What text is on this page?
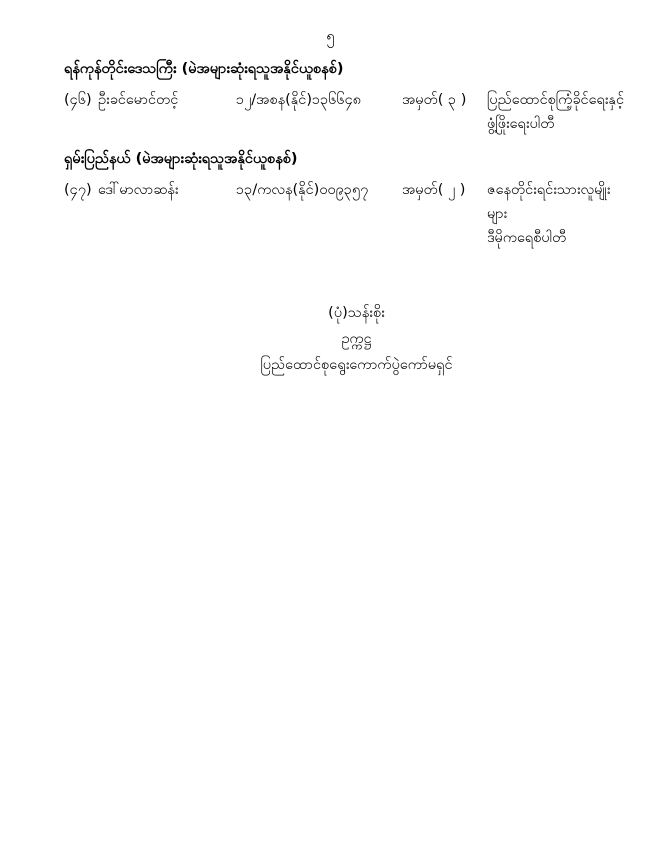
၅
ရန်ကုန်တိုင်းဒေသကြီး (မဲအများဆုံးရသူအနိုင်ယူစနစ်)
(၄၆) ဦးခင်မောင်တင့်	၁၂/အစန(နိုင်)၁၃၆၆၄၈	အမှတ်( ၃ )	ပြည်ထောင်စုကြံ့ခိုင်ရေးနှင့်
ဖွံ့ဖြိုးရေးပါတီ
ရှမ်းပြည်နယ် (မဲအများဆုံးရသူအနိုင်ယူစနစ်)
(၄၇) ဒေါ်မာလာဆန်း	၁၃/ကလန(နိုင်)၀၀၉၃၅၇	အမှတ်( ၂ )	ဇနေတိုင်းရင်းသားလူမျိုးများ
ဒီမိုကရေစီပါတီ
(ပုံ)သန်းစိုး
ဥက္ကဋ္ဌ
ပြည်ထောင်စုရွေးကောက်ပွဲကော်မရှင်
